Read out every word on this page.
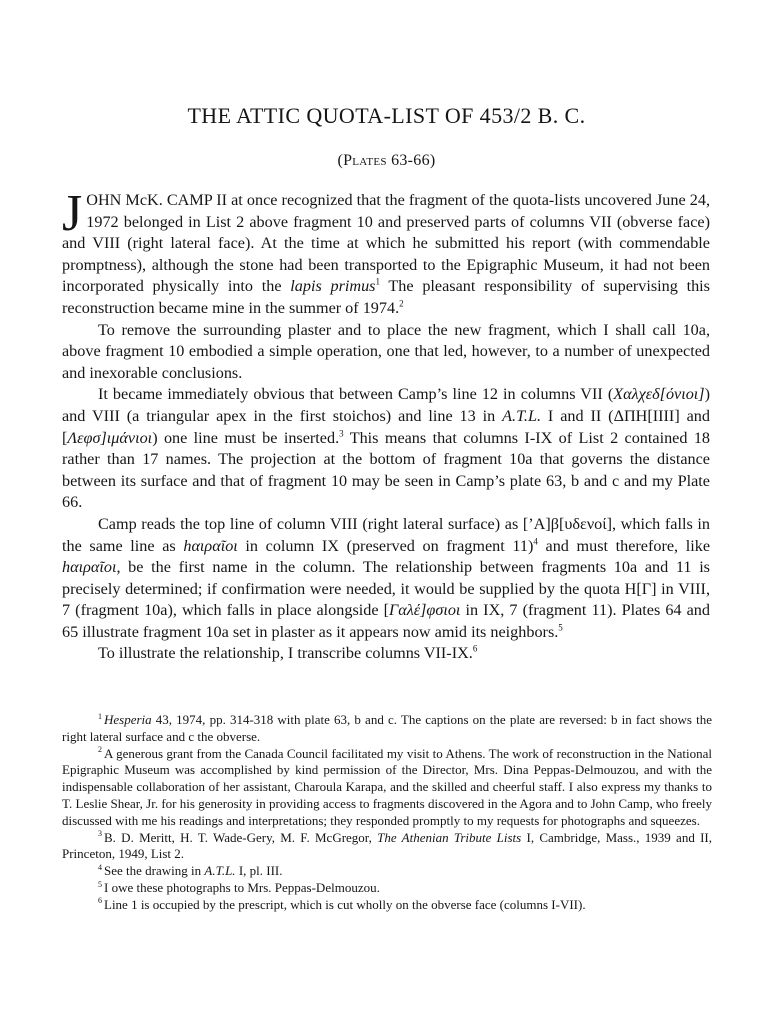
THE ATTIC QUOTA-LIST OF 453/2 B. C.
(Plates 63-66)

JOHN McK. CAMP II at once recognized that the fragment of the quota-lists uncovered June 24, 1972 belonged in List 2 above fragment 10 and preserved parts of columns VII (obverse face) and VIII (right lateral face). At the time at which he submitted his report (with commendable promptness), although the stone had been transported to the Epigraphic Museum, it had not been incorporated physically into the lapis primus$^1$ The pleasant responsibility of supervising this reconstruction became mine in the summer of 1974.$^2$

To remove the surrounding plaster and to place the new fragment, which I shall call 10a, above fragment 10 embodied a simple operation, one that led, however, to a number of unexpected and inexorable conclusions.

It became immediately obvious that between Camp’s line 12 in columns VII (Χαλχεδ[όνιοι]) and VIII (a triangular apex in the first stoichos) and line 13 in A.T.L. I and II (ΔΠΗ[ΙΙΙΙ] and [Λεφσ]ιμάνιοι) one line must be inserted.$^3$ This means that columns I-IX of List 2 contained 18 rather than 17 names. The projection at the bottom of fragment 10a that governs the distance between its surface and that of fragment 10 may be seen in Camp’s plate 63, b and c and my Plate 66.

Camp reads the top line of column VIII (right lateral surface) as [’Α]β[υδενοί], which falls in the same line as hαιραῖοι in column IX (preserved on fragment 11)$^4$ and must therefore, like hαιραῖοι, be the first name in the column. The relationship between fragments 10a and 11 is precisely determined; if confirmation were needed, it would be supplied by the quota Η[Γ] in VIII, 7 (fragment 10a), which falls in place alongside [Γαλέ]φσιοι in IX, 7 (fragment 11). Plates 64 and 65 illustrate fragment 10a set in plaster as it appears now amid its neighbors.$^5$

To illustrate the relationship, I transcribe columns VII-IX.$^6$

$^1$ Hesperia 43, 1974, pp. 314-318 with plate 63, b and c. The captions on the plate are reversed: b in fact shows the right lateral surface and c the obverse.

$^2$ A generous grant from the Canada Council facilitated my visit to Athens. The work of reconstruction in the National Epigraphic Museum was accomplished by kind permission of the Director, Mrs. Dina Peppas-Delmouzou, and with the indispensable collaboration of her assistant, Charoula Karapa, and the skilled and cheerful staff. I also express my thanks to T. Leslie Shear, Jr. for his generosity in providing access to fragments discovered in the Agora and to John Camp, who freely discussed with me his readings and interpretations; they responded promptly to my requests for photographs and squeezes.

$^3$ B. D. Meritt, H. T. Wade-Gery, M. F. McGregor, The Athenian Tribute Lists I, Cambridge, Mass., 1939 and II, Princeton, 1949, List 2.

$^4$ See the drawing in A.T.L. I, pl. III.

$^5$ I owe these photographs to Mrs. Peppas-Delmouzou.

$^6$ Line 1 is occupied by the prescript, which is cut wholly on the obverse face (columns I-VII).
